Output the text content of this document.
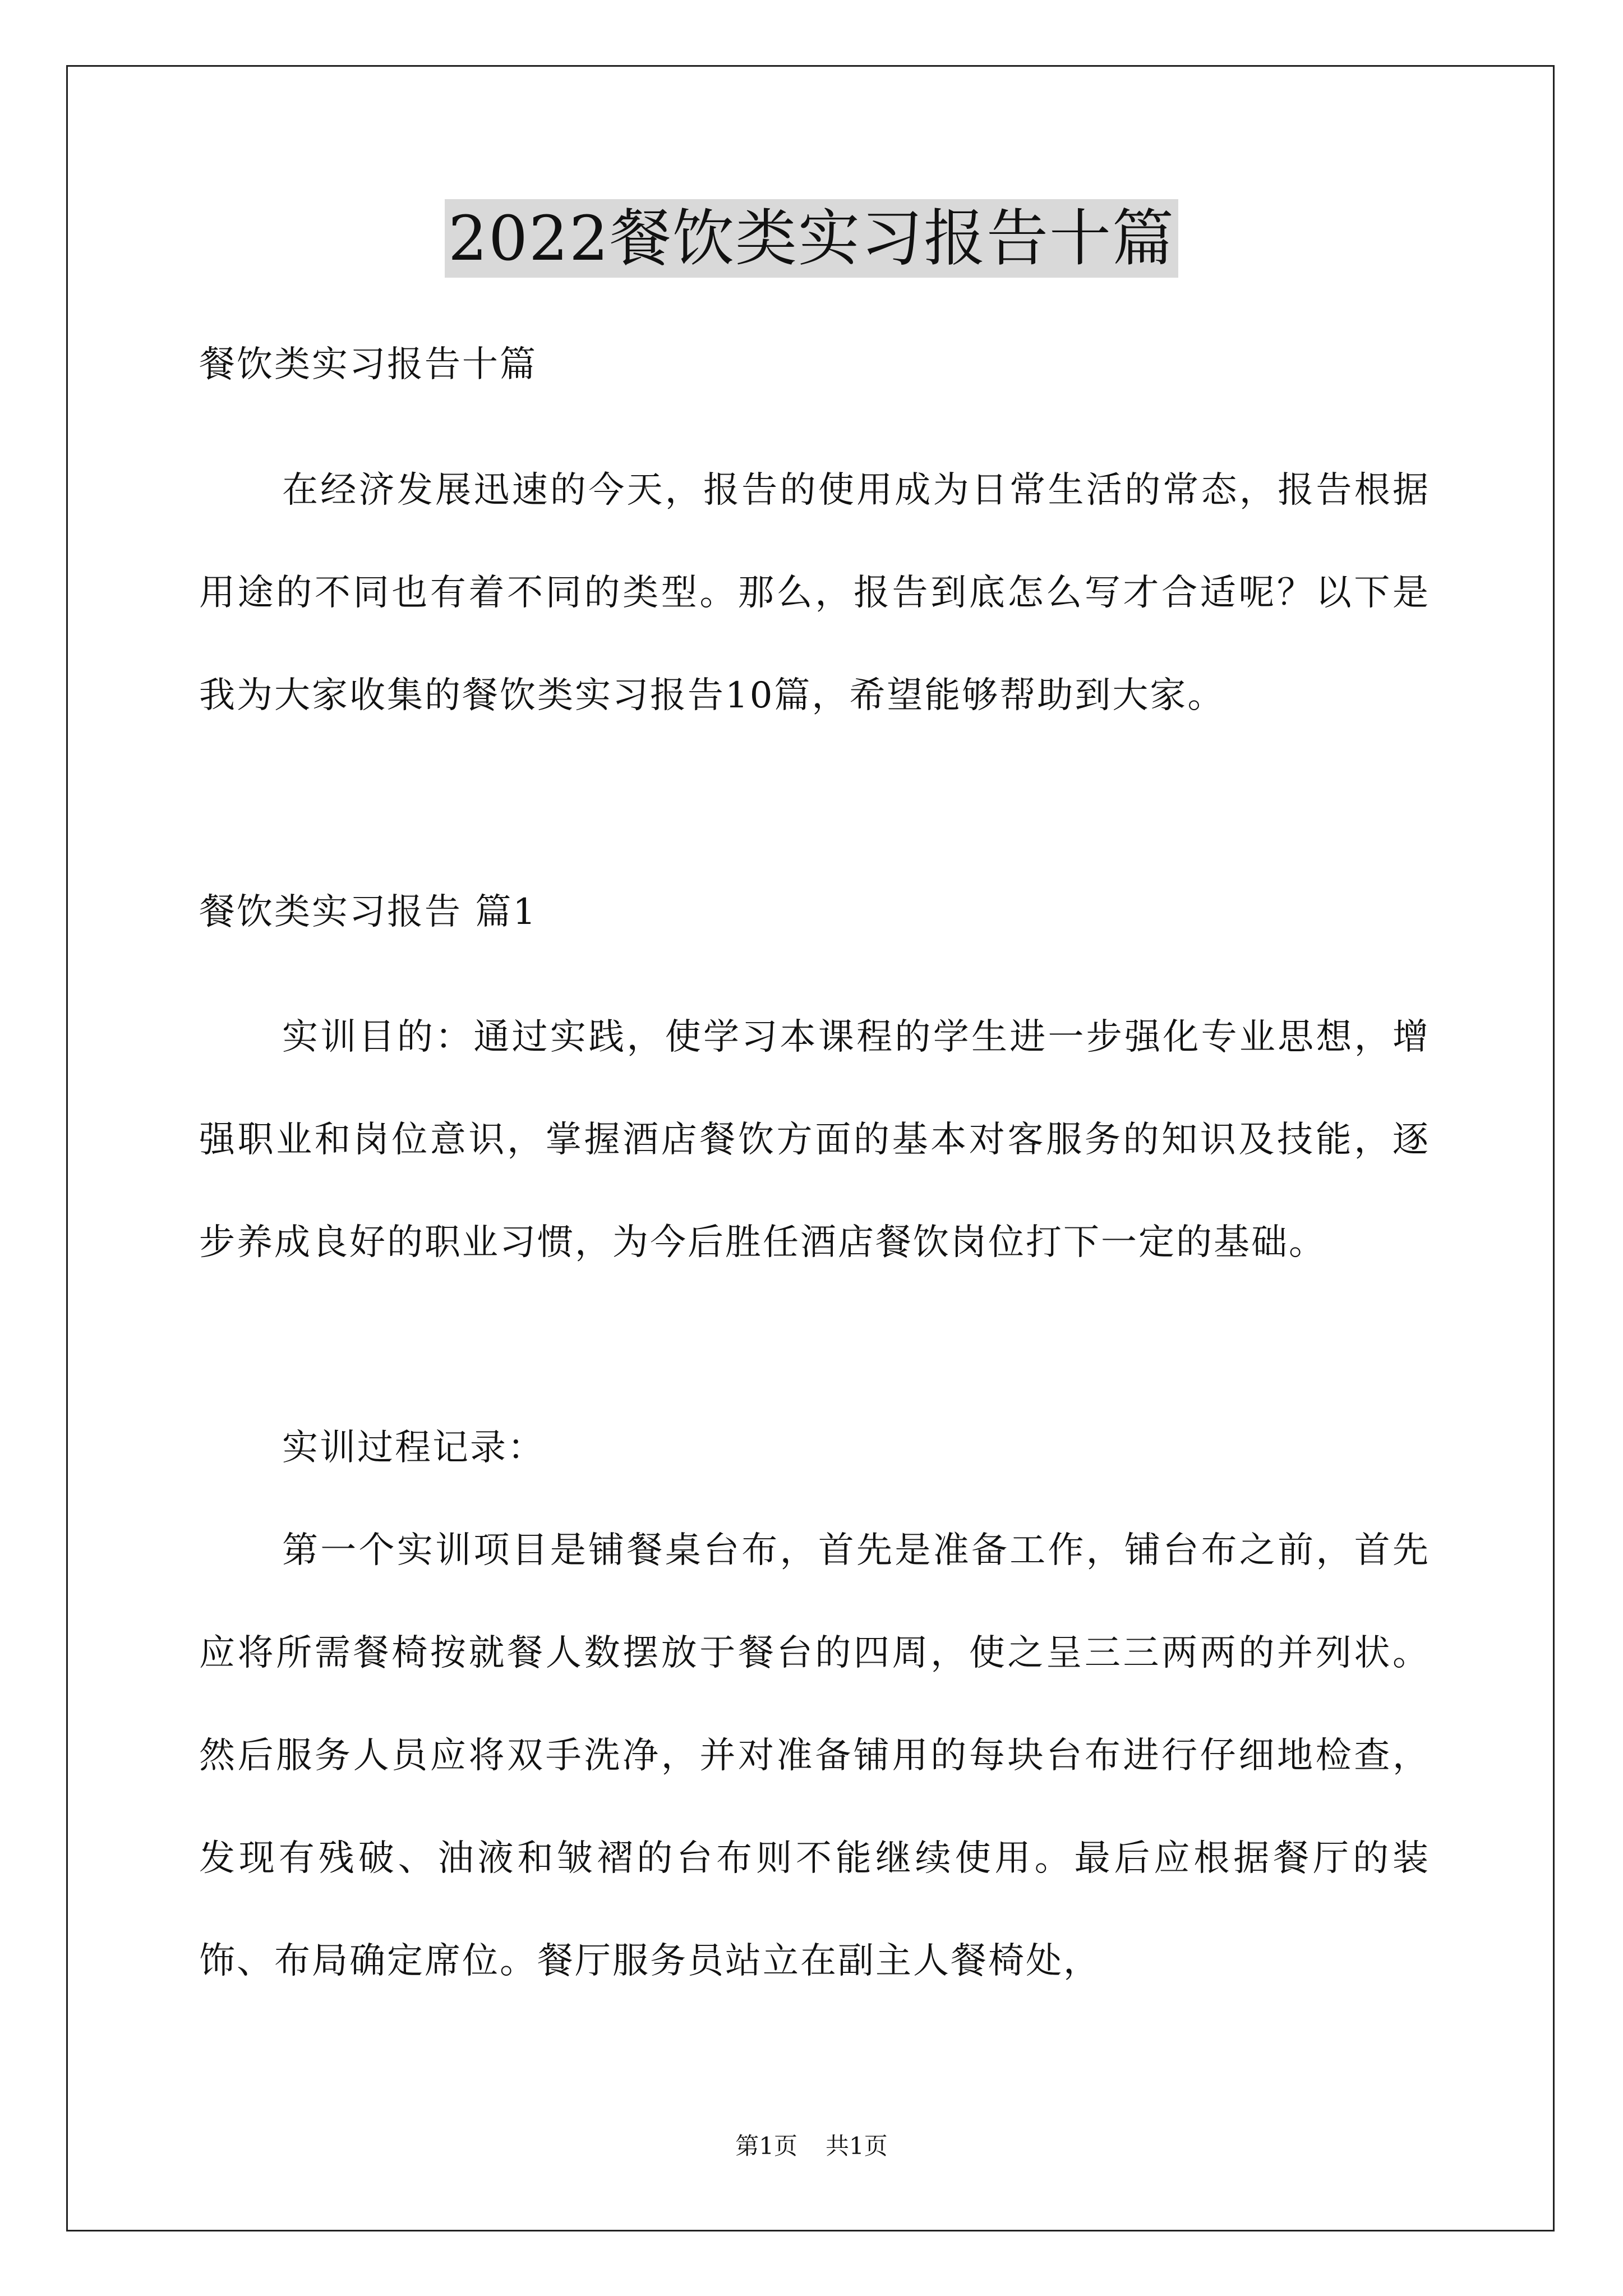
2022餐饮类实习报告十篇
餐饮类实习报告十篇
在经济发展迅速的今天，报告的使用成为日常生活的常态，报告根据用途的不同也有着不同的类型。那么，报告到底怎么写才合适呢？以下是我为大家收集的餐饮类实习报告10篇，希望能够帮助到大家。
餐饮类实习报告 篇1
实训目的：通过实践，使学习本课程的学生进一步强化专业思想，增强职业和岗位意识，掌握酒店餐饮方面的基本对客服务的知识及技能，逐步养成良好的职业习惯，为今后胜任酒店餐饮岗位打下一定的基础。
实训过程记录：
第一个实训项目是铺餐桌台布，首先是准备工作，铺台布之前，首先应将所需餐椅按就餐人数摆放于餐台的四周，使之呈三三两两的并列状。然后服务人员应将双手洗净，并对准备铺用的每块台布进行仔细地检查，发现有残破、油液和皱褶的台布则不能继续使用。最后应根据餐厅的装饰、布局确定席位。餐厅服务员站立在副主人餐椅处，
第1页 共1页
